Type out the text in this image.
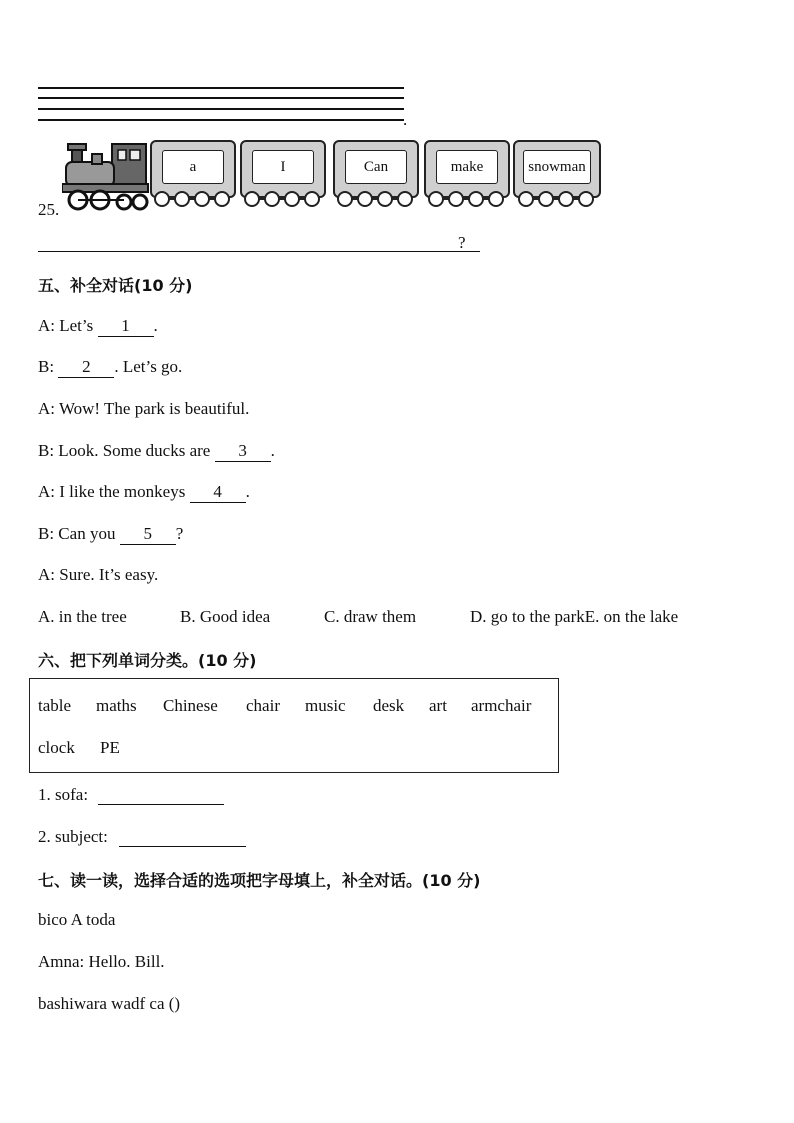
.
25.
a	I	Can	make	snowman
?
五、补全对话(10 分)
A: Let’s 1 .
B: 2 . Let’s go.
A: Wow! The park is beautiful.
B: Look. Some ducks are 3 .
A: I like the monkeys 4 .
B: Can you 5 ?
A: Sure. It’s easy.
A. in the tree	B. Good idea	C. draw them	D. go to the parkE. on the lake
六、把下列单词分类。(10 分)
table maths Chinese chair music desk art armchair
clock PE
1. sofa:
2. subject:
七、读一读，选择合适的选项把字母填上，补全对话。(10 分)
bico A toda
Amna: Hello. Bill.
bashiwara wadf ca ()
